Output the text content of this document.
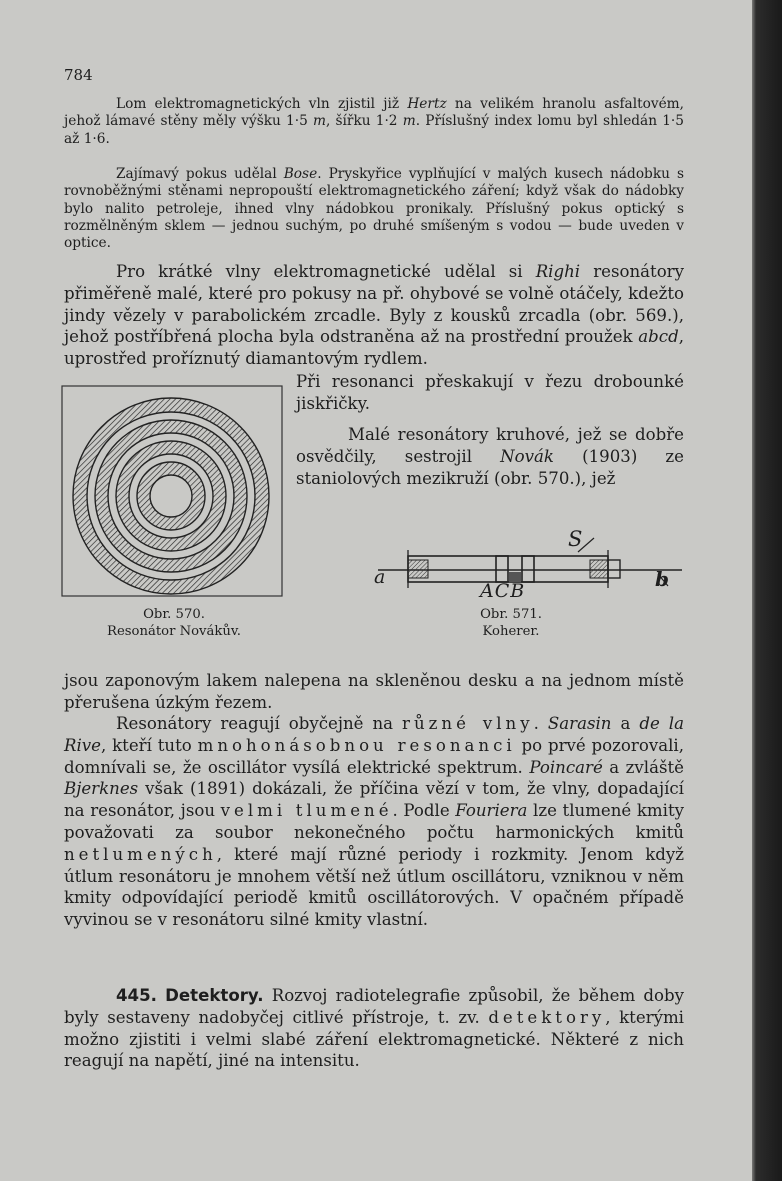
784

Lom elektromagnetických vln zjistil již Hertz na velikém hranolu asfaltovém, jehož lámavé stěny měly výšku 1·5 m, šířku 1·2 m. Příslušný index lomu byl shledán 1·5 až 1·6.

Zajímavý pokus udělal Bose. Pryskyřice vyplňující v malých kusech nádobku s rovnoběžnými stěnami nepropouští elektromagnetického záření; když však do nádobky bylo nalito petroleje, ihned vlny nádobkou pronikaly. Příslušný pokus optický s rozmělněným sklem — jednou suchým, po druhé smíšeným s vodou — bude uveden v optice.

Pro krátké vlny elektromagnetické udělal si Righi resonátory přiměřeně malé, které pro pokusy na př. ohybové se volně otáčely, kdežto jindy vězely v parabolickém zrcadle. Byly z kousků zrcadla (obr. 569.), jehož postříbřená plocha byla odstraněna až na prostřední proužek abcd, uprostřed proříznutý diamantovým rydlem.

Při resonanci přeskakují v řezu drobounké jiskřičky.

Malé resonátory kruhové, jež se dobře osvědčily, sestrojil Novák (1903) ze staniolových mezikruží (obr. 570.), jež

Obr. 570.
Resonátor Novákův.
S
a	b
ACB
Obr. 571.
Koherer.

jsou zaponovým lakem nalepena na skleněnou desku a na jednom místě přerušena úzkým řezem.

Resonátory reagují obyčejně na různé vlny. Sarasin a de la Rive, kteří tuto mnohonásobnou resonanci po prvé pozorovali, domnívali se, že oscillátor vysílá elektrické spektrum. Poincaré a zvláště Bjerknes však (1891) dokázali, že příčina vězí v tom, že vlny, dopadající na resonátor, jsou velmi tlumené. Podle Fouriera lze tlumené kmity považovati za soubor nekonečného počtu harmonických kmitů netlumených, které mají různé periody i rozkmity. Jenom když útlum resonátoru je mnohem větší než útlum oscillátoru, vzniknou v něm kmity odpovídající periodě kmitů oscillátorových. V opačném případě vyvinou se v resonátoru silné kmity vlastní.

445. Detektory. Rozvoj radiotelegrafie způsobil, že během doby byly sestaveny nadobyčej citlivé přístroje, t. zv. detektory, kterými možno zjistiti i velmi slabé záření elektromagnetické. Některé z nich reagují na napětí, jiné na intensitu.
